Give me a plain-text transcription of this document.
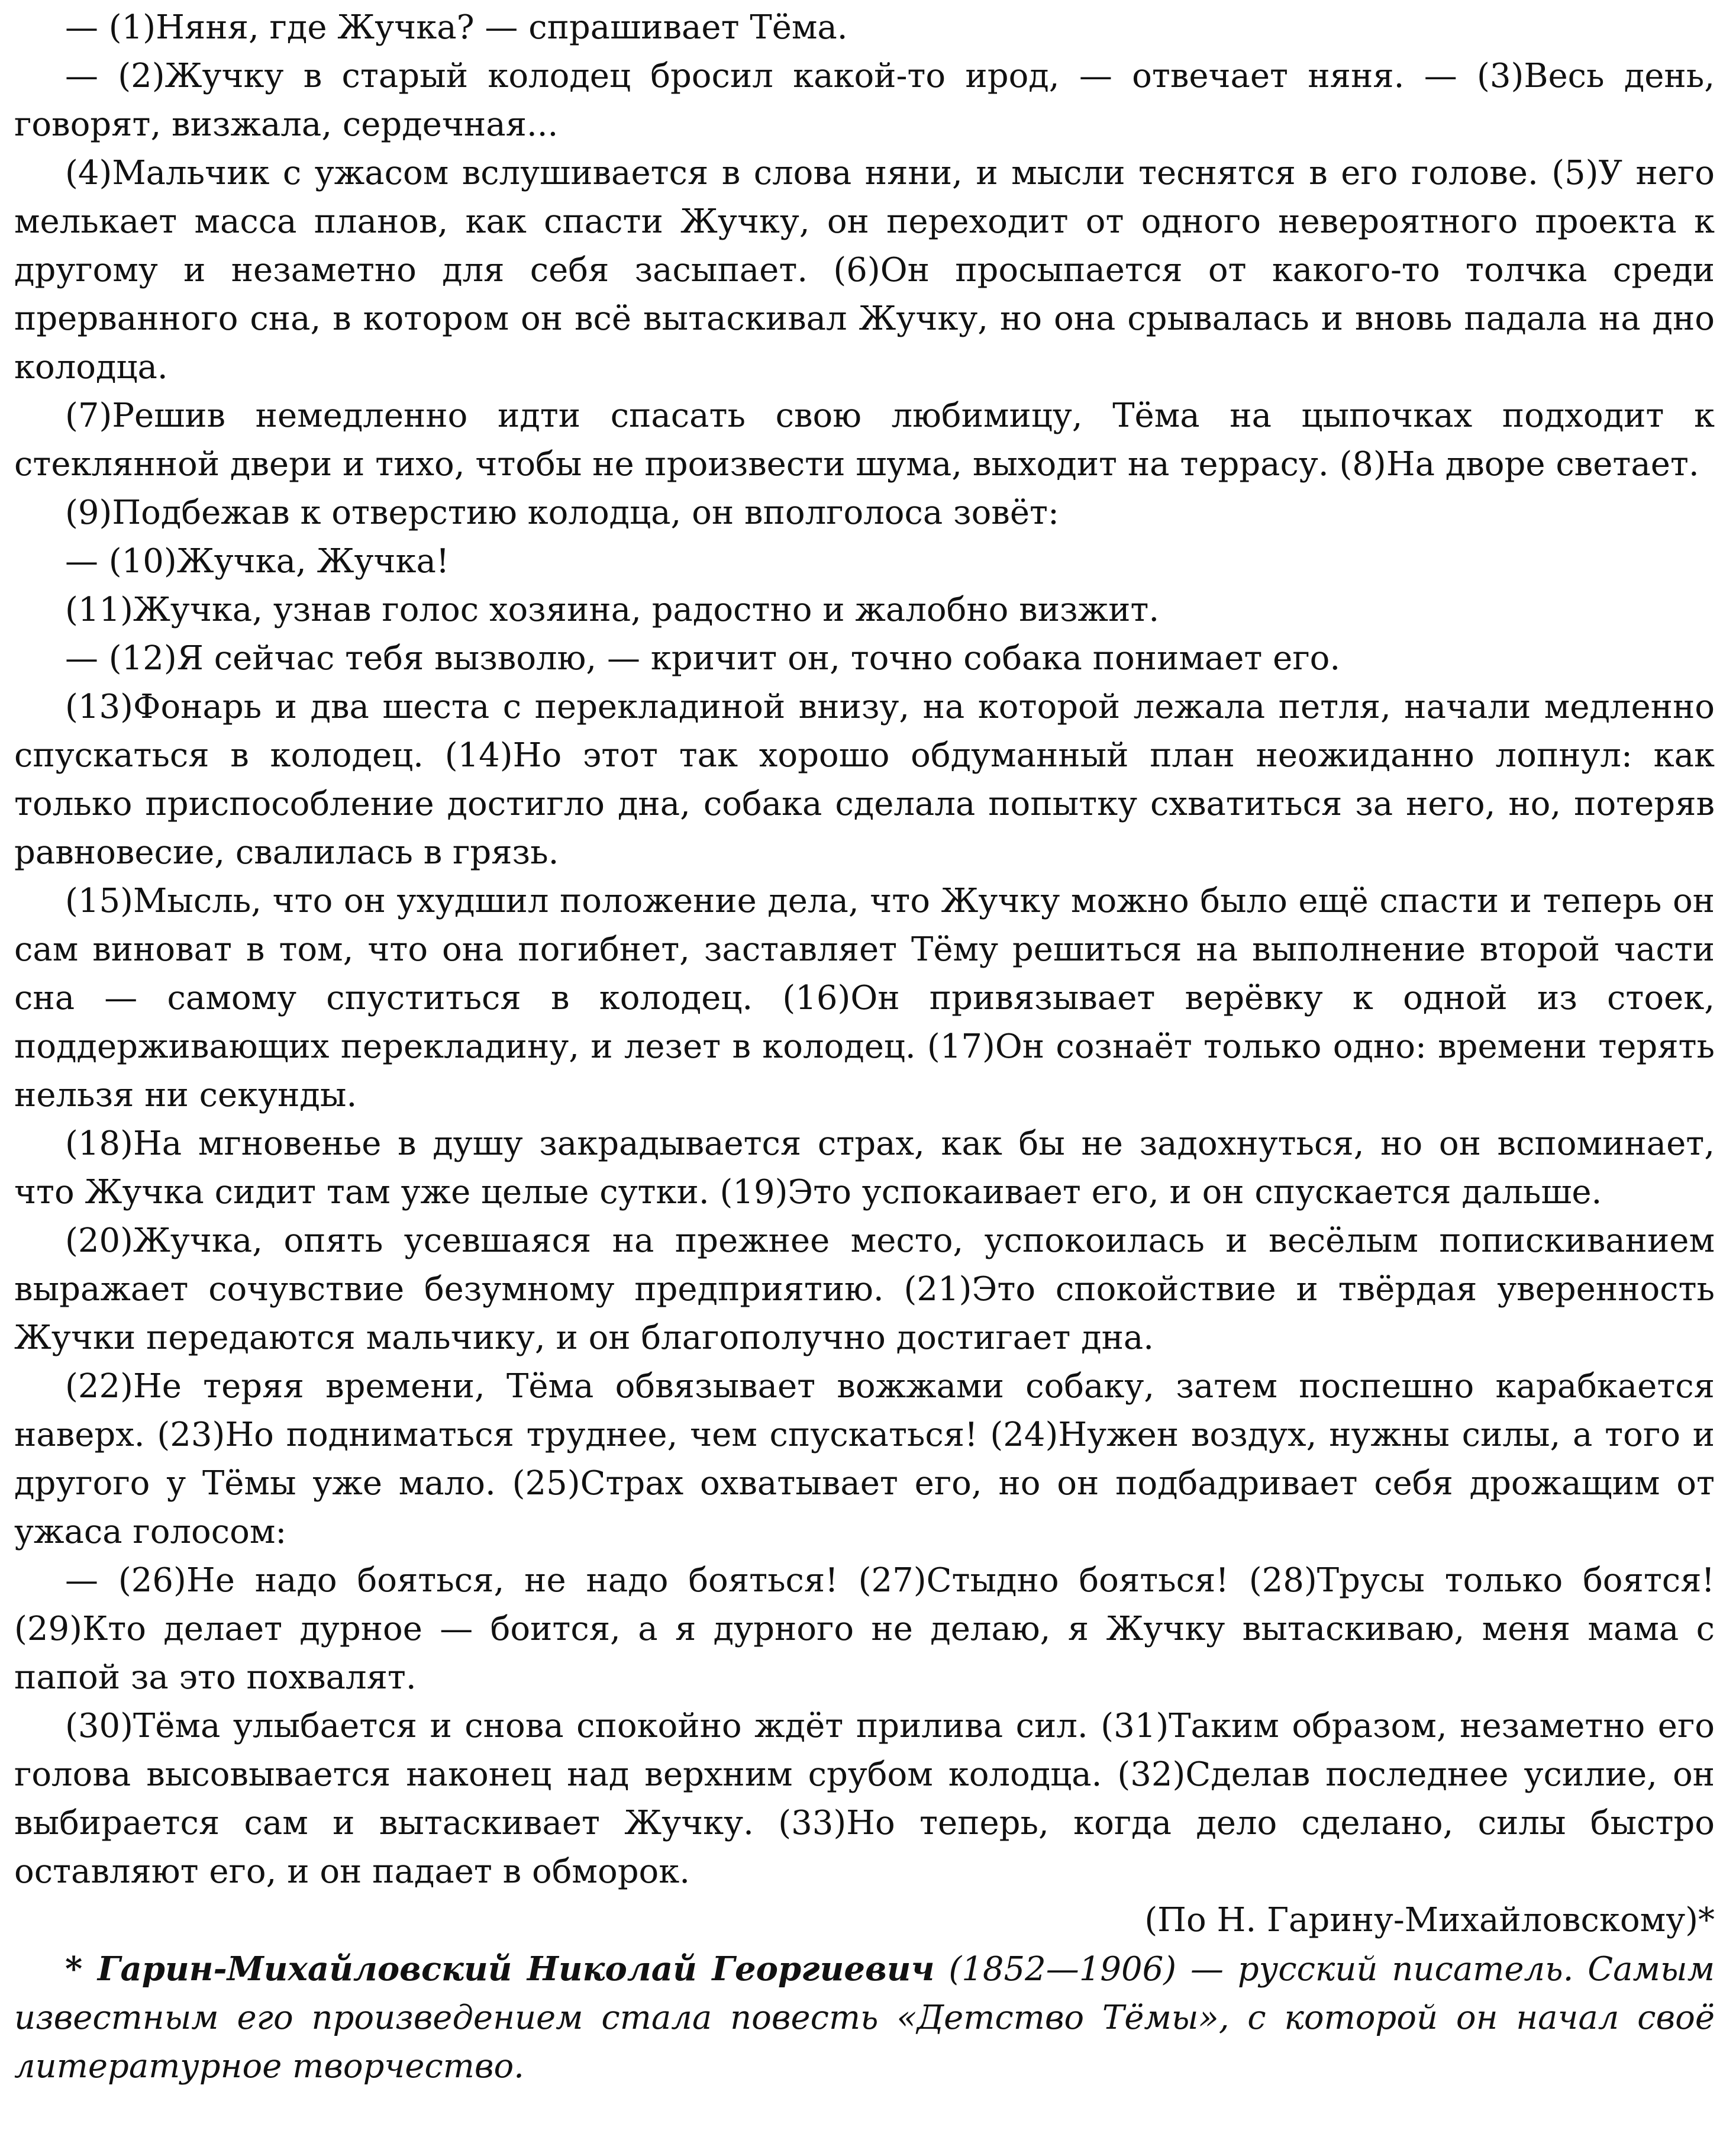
— (1)Няня, где Жучка? — спрашивает Тёма.

— (2)Жучку в старый колодец бросил какой-то ирод, — отвечает няня. — (3)Весь день, говорят, визжала, сердечная...

(4)Мальчик с ужасом вслушивается в слова няни, и мысли теснятся в его голове. (5)У него мелькает масса планов, как спасти Жучку, он переходит от одного невероятного проекта к другому и незаметно для себя засыпает. (6)Он просыпается от какого-то толчка среди прерванного сна, в котором он всё вытаскивал Жучку, но она срывалась и вновь падала на дно колодца.

(7)Решив немедленно идти спасать свою любимицу, Тёма на цыпочках подходит к стеклянной двери и тихо, чтобы не произвести шума, выходит на террасу. (8)На дворе светает.

(9)Подбежав к отверстию колодца, он вполголоса зовёт:

— (10)Жучка, Жучка!

(11)Жучка, узнав голос хозяина, радостно и жалобно визжит.

— (12)Я сейчас тебя вызволю, — кричит он, точно собака понимает его.

(13)Фонарь и два шеста с перекладиной внизу, на которой лежала петля, начали медленно спускаться в колодец. (14)Но этот так хорошо обдуманный план неожиданно лопнул: как только приспособление достигло дна, собака сделала попытку схватиться за него, но, потеряв равновесие, свалилась в грязь.

(15)Мысль, что он ухудшил положение дела, что Жучку можно было ещё спасти и теперь он сам виноват в том, что она погибнет, заставляет Тёму решиться на выполнение второй части сна — самому спуститься в колодец. (16)Он привязывает верёвку к одной из стоек, поддерживающих перекладину, и лезет в колодец. (17)Он сознаёт только одно: времени терять нельзя ни секунды.

(18)На мгновенье в душу закрадывается страх, как бы не задохнуться, но он вспоминает, что Жучка сидит там уже целые сутки. (19)Это успокаивает его, и он спускается дальше.

(20)Жучка, опять усевшаяся на прежнее место, успокоилась и весёлым попискиванием выражает сочувствие безумному предприятию. (21)Это спокойствие и твёрдая уверенность Жучки передаются мальчику, и он благополучно достигает дна.

(22)Не теряя времени, Тёма обвязывает вожжами собаку, затем поспешно карабкается наверх. (23)Но подниматься труднее, чем спускаться! (24)Нужен воздух, нужны силы, а того и другого у Тёмы уже мало. (25)Страх охватывает его, но он подбадривает себя дрожащим от ужаса голосом:

— (26)Не надо бояться, не надо бояться! (27)Стыдно бояться! (28)Трусы только боятся! (29)Кто делает дурное — боится, а я дурного не делаю, я Жучку вытаскиваю, меня мама с папой за это похвалят.

(30)Тёма улыбается и снова спокойно ждёт прилива сил. (31)Таким образом, незаметно его голова высовывается наконец над верхним срубом колодца. (32)Сделав последнее усилие, он выбирается сам и вытаскивает Жучку. (33)Но теперь, когда дело сделано, силы быстро оставляют его, и он падает в обморок.

(По Н. Гарину-Михайловскому)*

* Гарин-Михайловский Николай Георгиевич (1852—1906) — русский писатель. Самым известным его произведением стала повесть «Детство Тёмы», с которой он начал своё литературное творчество.
